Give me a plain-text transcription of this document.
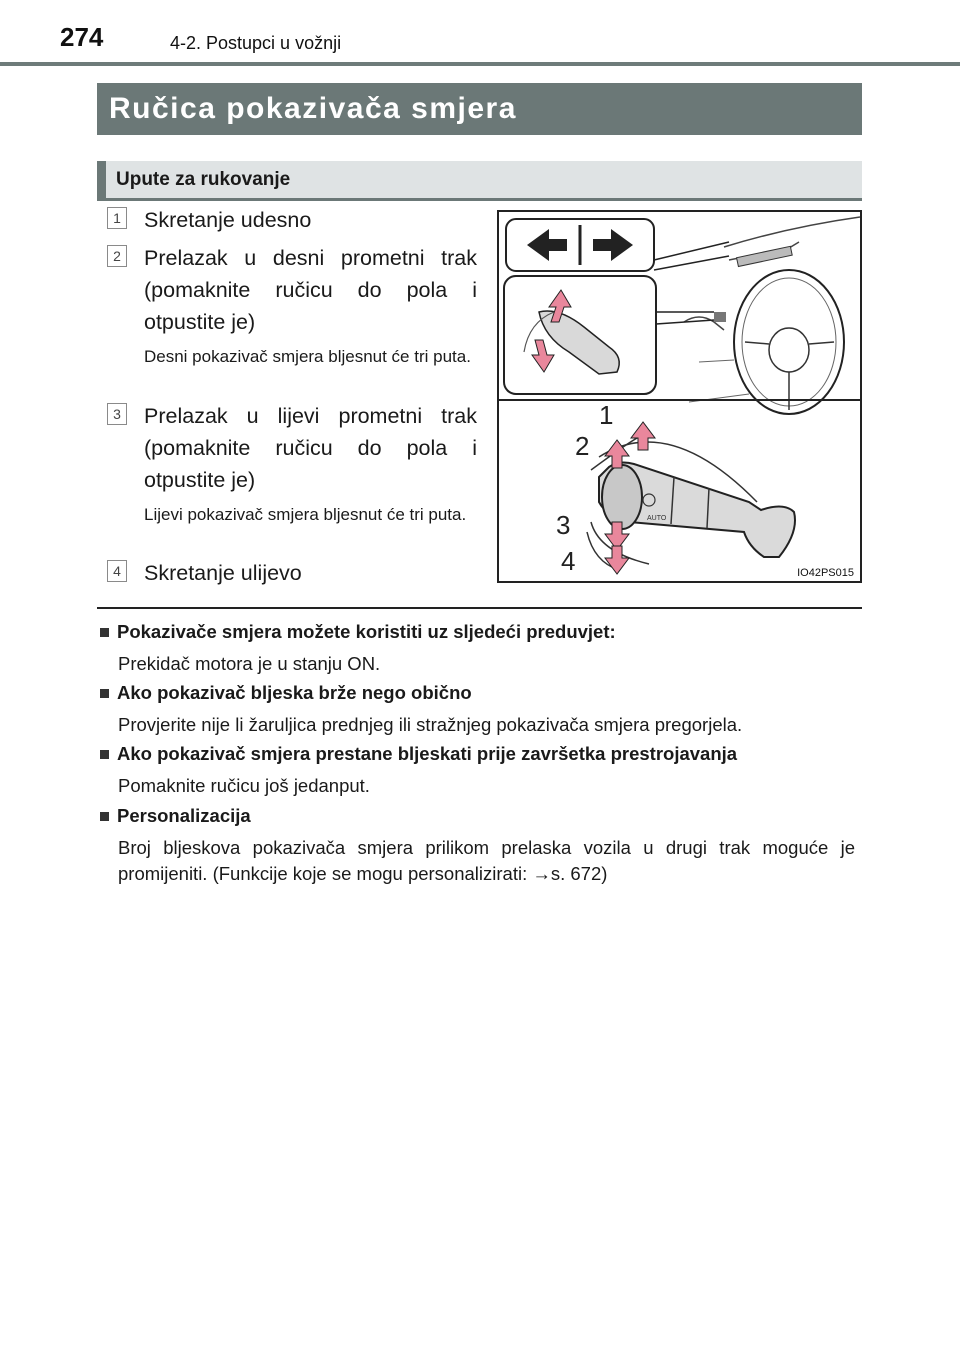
274	4-2. Postupci u vožnji
Ručica pokazivača smjera
Upute za rukovanje
1 Skretanje udesno
2 Prelazak u desni prometni trak (pomaknite ručicu do pola i otpustite je)
Desni pokazivač smjera bljesnut će tri puta.
3 Prelazak u lijevi prometni trak (pomaknite ručicu do pola i otpustite je)
Lijevi pokazivač smjera bljesnut će tri puta.
4 Skretanje ulijevo
AUTO
1
2
3
4	IO42PS015
Pokazivače smjera možete koristiti uz sljedeći preduvjet:
Prekidač motora je u stanju ON.
Ako pokazivač bljeska brže nego obično
Provjerite nije li žaruljica prednjeg ili stražnjeg pokazivača smjera pregorjela.
Ako pokazivač smjera prestane bljeskati prije završetka prestrojavanja
Pomaknite ručicu još jedanput.
Personalizacija
Broj bljeskova pokazivača smjera prilikom prelaska vozila u drugi trak moguće je promijeniti. (Funkcije koje se mogu personalizirati: →s. 672)
